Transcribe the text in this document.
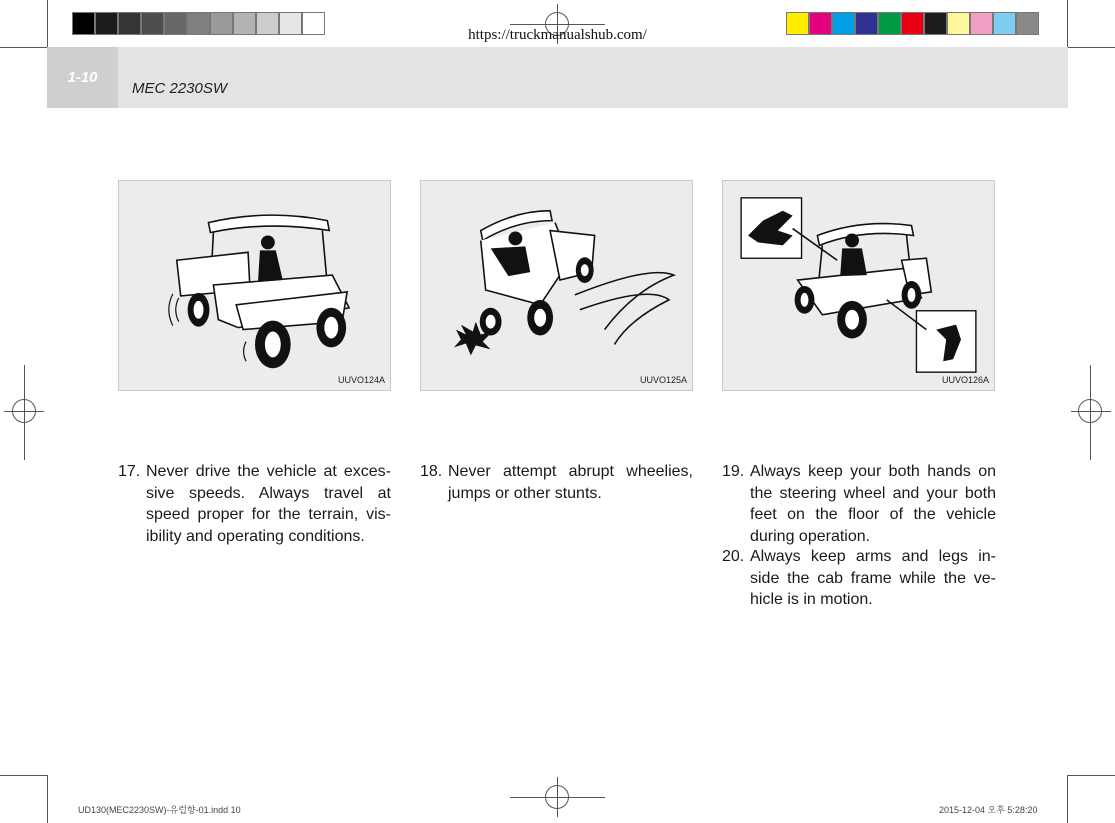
1-10
MEC 2230SW
https://truckmanualshub.com/
UUVO124A	UUVO125A	UUVO126A
17. Never drive the vehicle at exces- sive speeds. Always travel at speed proper for the terrain, vis- ibility and operating conditions.
18. Never attempt abrupt wheelies, jumps or other stunts.
19. Always keep your both hands on the steering wheel and your both feet on the floor of the vehicle during operation.
20. Always keep arms and legs in- side the cab frame while the ve- hicle is in motion.
UD130(MEC2230SW)-유럽향-01.indd 10	2015-12-04 오후 5:28:20
